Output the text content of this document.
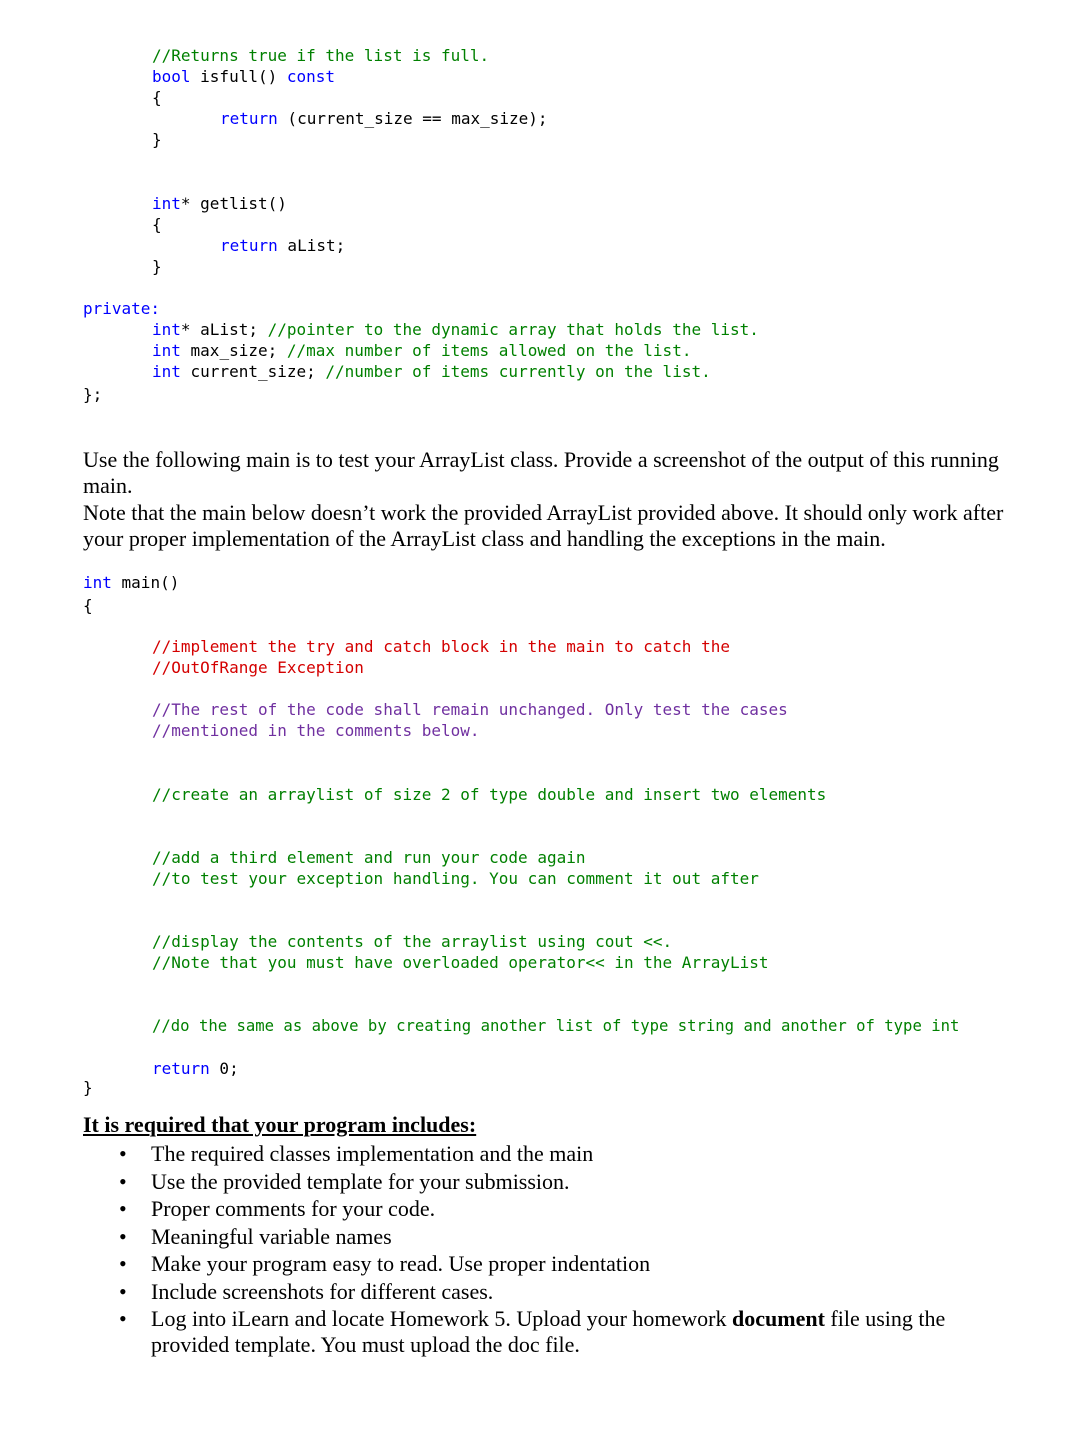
//Returns true if the list is full.
bool isfull() const
{
return (current_size == max_size);
}
int* getlist()
{
return aList;
}
private:
int* aList; //pointer to the dynamic array that holds the list.
int max_size; //max number of items allowed on the list.
int current_size; //number of items currently on the list.
};
Use the following main is to test your ArrayList class. Provide a screenshot of the output of this running main.
Note that the main below doesn’t work the provided ArrayList provided above. It should only work after your proper implementation of the ArrayList class and handling the exceptions in the main.
int main()
{
//implement the try and catch block in the main to catch the
//OutOfRange Exception
//The rest of the code shall remain unchanged. Only test the cases
//mentioned in the comments below.
//create an arraylist of size 2 of type double and insert two elements
//add a third element and run your code again
//to test your exception handling. You can comment it out after
//display the contents of the arraylist using cout <<.
//Note that you must have overloaded operator<< in the ArrayList
//do the same as above by creating another list of type string and another of type int
return 0;
}
It is required that your program includes:
• The required classes implementation and the main
• Use the provided template for your submission.
• Proper comments for your code.
• Meaningful variable names
• Make your program easy to read. Use proper indentation
• Include screenshots for different cases.
• Log into iLearn and locate Homework 5. Upload your homework document file using the provided template. You must upload the doc file.
